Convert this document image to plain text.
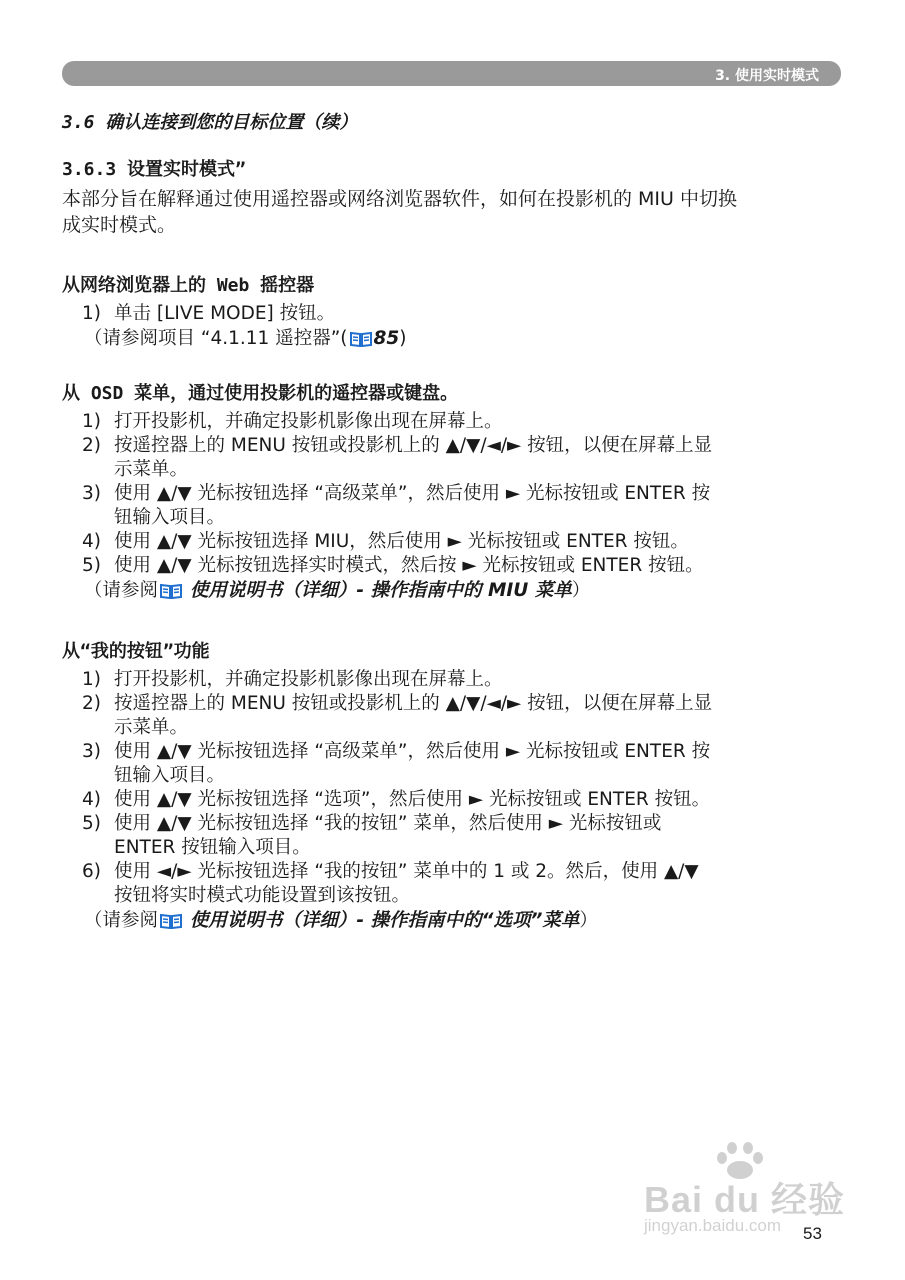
3. 使用实时模式
3.6 确认连接到您的目标位置（续）
3.6.3 设置实时模式”
本部分旨在解释通过使用遥控器或网络浏览器软件，如何在投影机的 MIU 中切换
成实时模式。
从网络浏览器上的 Web 摇控器
1) 单击 [LIVE MODE] 按钮。
（请参阅项目 “4.1.11 遥控器”( 85)
从 OSD 菜单，通过使用投影机的遥控器或键盘。
1) 打开投影机，并确定投影机影像出现在屏幕上。
2) 按遥控器上的 MENU 按钮或投影机上的 ▲/▼/◄/► 按钮，以便在屏幕上显
示菜单。
3) 使用 ▲/▼ 光标按钮选择 “高级菜单”，然后使用 ► 光标按钮或 ENTER 按
钮输入项目。
4) 使用 ▲/▼ 光标按钮选择 MIU，然后使用 ► 光标按钮或 ENTER 按钮。
5) 使用 ▲/▼ 光标按钮选择实时模式，然后按 ► 光标按钮或 ENTER 按钮。
（请参阅 使用说明书（详细）- 操作指南中的 MIU 菜单）
从“我的按钮”功能
1) 打开投影机，并确定投影机影像出现在屏幕上。
2) 按遥控器上的 MENU 按钮或投影机上的 ▲/▼/◄/► 按钮，以便在屏幕上显
示菜单。
3) 使用 ▲/▼ 光标按钮选择 “高级菜单”，然后使用 ► 光标按钮或 ENTER 按
钮输入项目。
4) 使用 ▲/▼ 光标按钮选择 “选项”，然后使用 ► 光标按钮或 ENTER 按钮。
5) 使用 ▲/▼ 光标按钮选择 “我的按钮” 菜单，然后使用 ► 光标按钮或
ENTER 按钮输入项目。
6) 使用 ◄/► 光标按钮选择 “我的按钮” 菜单中的 1 或 2。然后，使用 ▲/▼
按钮将实时模式功能设置到该按钮。
（请参阅 使用说明书（详细）- 操作指南中的“选项”菜单）
Bai du 经验
jingyan.baidu.com 53
